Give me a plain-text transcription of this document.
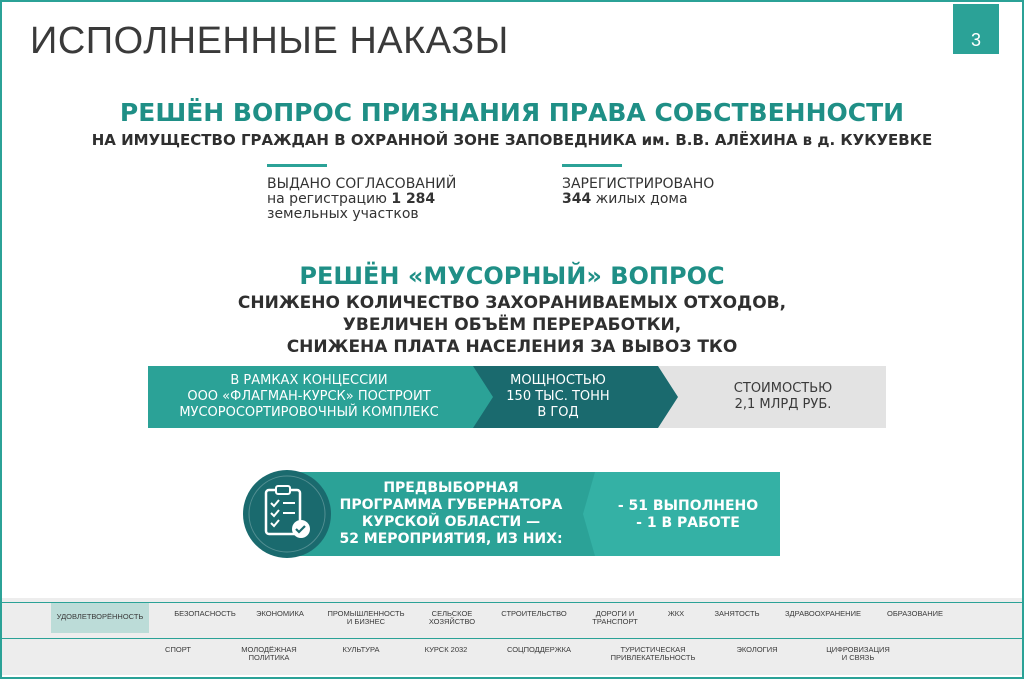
ИСПОЛНЕННЫЕ НАКАЗЫ	3
РЕШЁН ВОПРОС ПРИЗНАНИЯ ПРАВА СОБСТВЕННОСТИ
НА ИМУЩЕСТВО ГРАЖДАН В ОХРАННОЙ ЗОНЕ ЗАПОВЕДНИКА им. В.В. АЛЁХИНА в д. КУКУЕВКЕ
ВЫДАНО СОГЛАСОВАНИЙ
на регистрацию 1 284
земельных участков
ЗАРЕГИСТРИРОВАНО
344 жилых дома
РЕШЁН «МУСОРНЫЙ» ВОПРОС
СНИЖЕНО КОЛИЧЕСТВО ЗАХОРАНИВАЕМЫХ ОТХОДОВ,
УВЕЛИЧЕН ОБЪЁМ ПЕРЕРАБОТКИ,
СНИЖЕНА ПЛАТА НАСЕЛЕНИЯ ЗА ВЫВОЗ ТКО
В РАМКАХ КОНЦЕССИИ
ООО «ФЛАГМАН-КУРСК» ПОСТРОИТ
МУСОРОСОРТИРОВОЧНЫЙ КОМПЛЕКС
МОЩНОСТЬЮ
150 ТЫС. ТОНН
В ГОД
СТОИМОСТЬЮ
2,1 МЛРД РУБ.
ПРЕДВЫБОРНАЯ
ПРОГРАММА ГУБЕРНАТОРА
КУРСКОЙ ОБЛАСТИ —
52 МЕРОПРИЯТИЯ, ИЗ НИХ:
- 51 ВЫПОЛНЕНО
- 1 В РАБОТЕ
УДОВЛЕТВОРЁННОСТЬ	БЕЗОПАСНОСТЬ	ЭКОНОМИКА	ПРОМЫШЛЕННОСТЬ
И БИЗНЕС
СЕЛЬСКОЕ
ХОЗЯЙСТВО
СТРОИТЕЛЬСТВО	ДОРОГИ И
ТРАНСПОРТ
ЖКХ	ЗАНЯТОСТЬ	ЗДРАВООХРАНЕНИЕ	ОБРАЗОВАНИЕ
СПОРТ	МОЛОДЁЖНАЯ
ПОЛИТИКА
КУЛЬТУРА	КУРСК 2032	СОЦПОДДЕРЖКА	ТУРИСТИЧЕСКАЯ
ПРИВЛЕКАТЕЛЬНОСТЬ
ЭКОЛОГИЯ	ЦИФРОВИЗАЦИЯ
И СВЯЗЬ
